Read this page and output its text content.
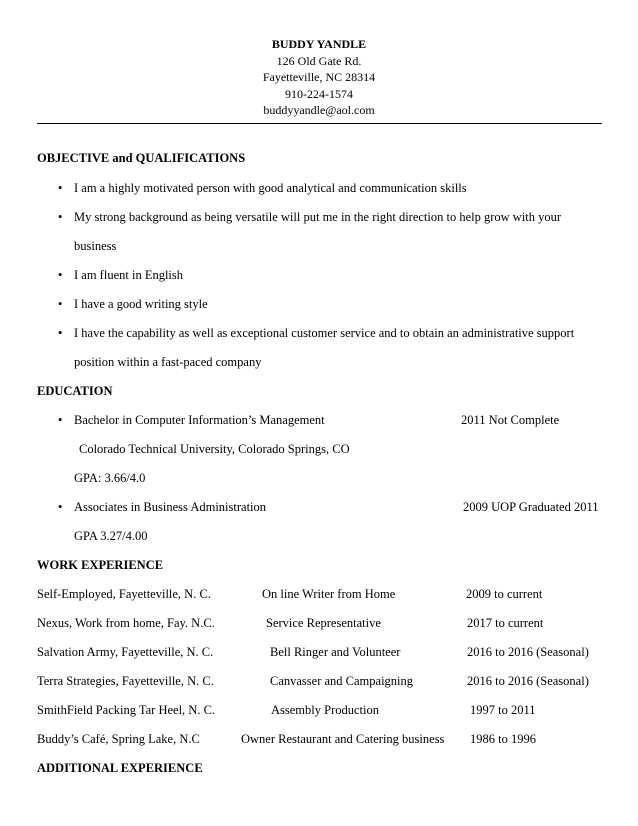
BUDDY YANDLE
126 Old Gate Rd.
Fayetteville, NC 28314
910-224-1574
buddyyandle@aol.com
OBJECTIVE and QUALIFICATIONS
• I am a highly motivated person with good analytical and communication skills
• My strong background as being versatile will put me in the right direction to help grow with your
business
• I am fluent in English
• I have a good writing style
• I have the capability as well as exceptional customer service and to obtain an administrative support
position within a fast-paced company
EDUCATION
• Bachelor in Computer Information’s Management	2011 Not Complete
Colorado Technical University, Colorado Springs, CO
GPA: 3.66/4.0
• Associates in Business Administration	2009 UOP Graduated 2011
GPA 3.27/4.00
WORK EXPERIENCE
Self-Employed, Fayetteville, N. C.	On line Writer from Home	2009 to current
Nexus, Work from home, Fay. N.C.	Service Representative	2017 to current
Salvation Army, Fayetteville, N. C.	Bell Ringer and Volunteer	2016 to 2016 (Seasonal)
Terra Strategies, Fayetteville, N. C.	Canvasser and Campaigning	2016 to 2016 (Seasonal)
SmithField Packing Tar Heel, N. C.	Assembly Production	1997 to 2011
Buddy’s Café, Spring Lake, N.C	Owner Restaurant and Catering business 1986 to 1996
ADDITIONAL EXPERIENCE
